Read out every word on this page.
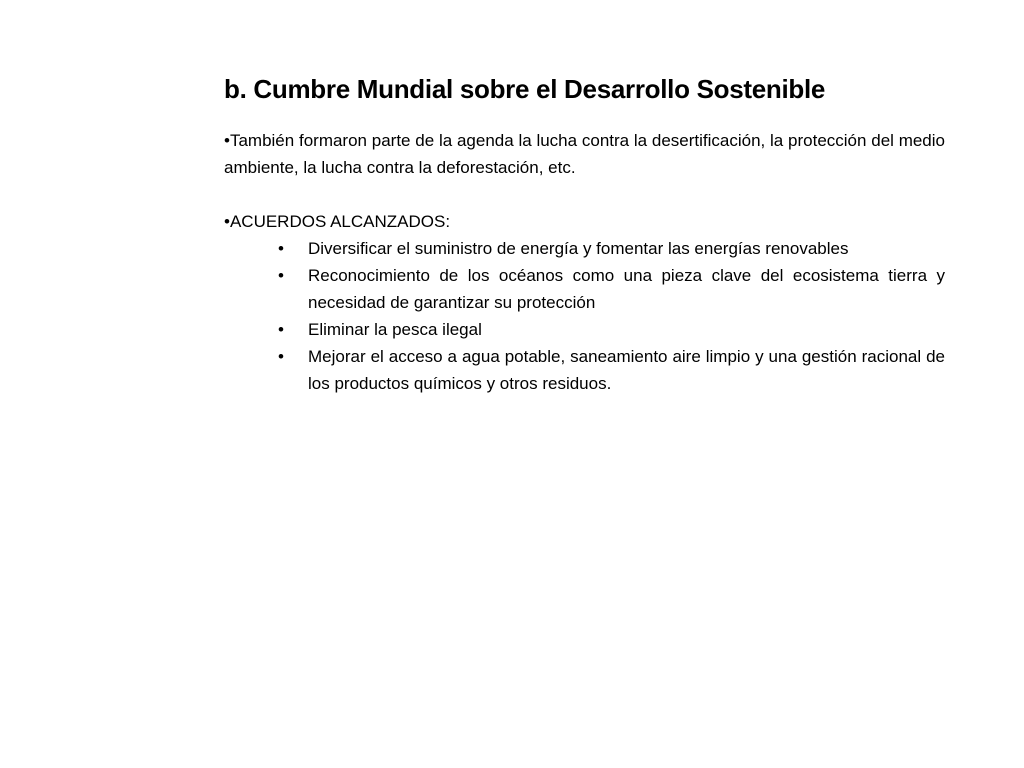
b. Cumbre Mundial sobre el Desarrollo Sostenible

•También formaron parte de la agenda la lucha contra la desertificación, la protección del medio ambiente, la lucha contra la deforestación, etc.

•ACUERDOS ALCANZADOS:

• Diversificar el suministro de energía y fomentar las energías renovables
• Reconocimiento de los océanos como una pieza clave del ecosistema tierra y necesidad de garantizar su protección
• Eliminar la pesca ilegal
• Mejorar el acceso a agua potable, saneamiento aire limpio y una gestión racional de los productos químicos y otros residuos.
